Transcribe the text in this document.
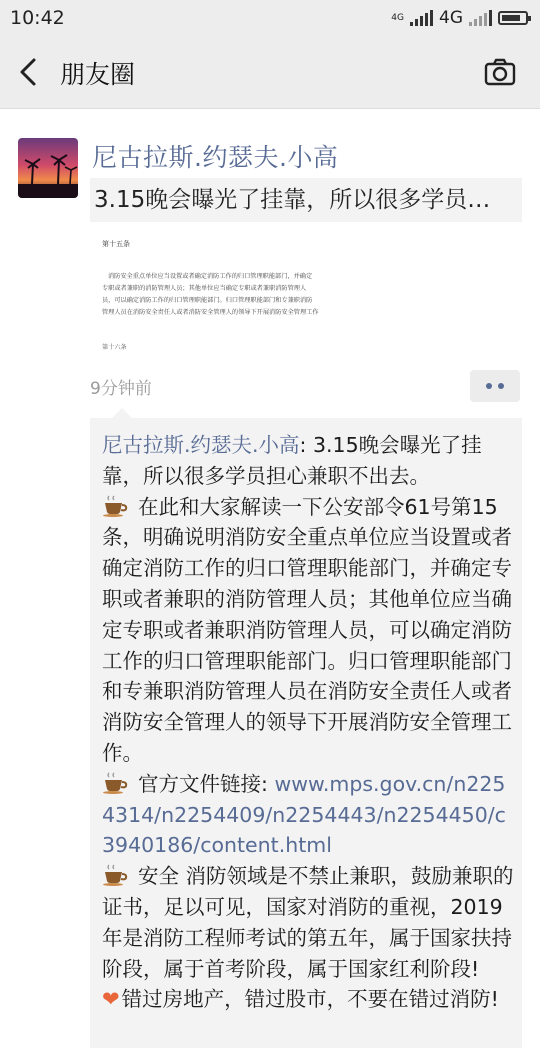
10:42	4G 4G
朋友圈
尼古拉斯.约瑟夫.小高
3.15晚会曝光了挂靠，所以很多学员…
第十五条
消防安全重点单位应当设置或者确定消防工作的归口管理职能部门，并确定
专职或者兼职的消防管理人员；其他单位应当确定专职或者兼职消防管理人
员，可以确定消防工作的归口管理职能部门。归口管理职能部门和专兼职消防
管理人员在消防安全责任人或者消防安全管理人的领导下开展消防安全管理工作
第十六条
9分钟前
尼古拉斯.约瑟夫.小高: 3.15晚会曝光了挂靠，所以很多学员担心兼职不出去。
在此和大家解读一下公安部令61号第15条，明确说明消防安全重点单位应当设置或者确定消防工作的归口管理职能部门，并确定专职或者兼职的消防管理人员；其他单位应当确定专职或者兼职消防管理人员，可以确定消防工作的归口管理职能部门。归口管理职能部门和专兼职消防管理人员在消防安全责任人或者消防安全管理人的领导下开展消防安全管理工作。
官方文件链接: www.mps.gov.cn/n2254314/n2254409/n2254443/n2254450/c3940186/content.html
安全 消防领域是不禁止兼职，鼓励兼职的证书，足以可见，国家对消防的重视，2019年是消防工程师考试的第五年，属于国家扶持阶段，属于首考阶段，属于国家红利阶段!
❤错过房地产，错过股市，不要在错过消防!
